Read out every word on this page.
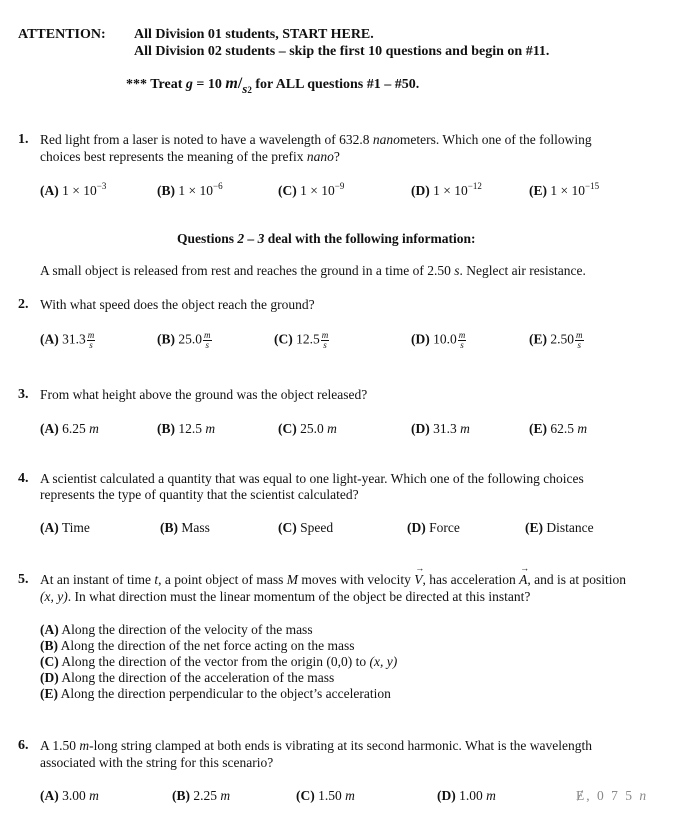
ATTENTION: All Division 01 students, START HERE.
All Division 02 students – skip the first 10 questions and begin on #11.
*** Treat g = 10 $m/s_2$ for ALL questions #1 – #50.
1. Red light from a laser is noted to have a wavelength of 632.8 nanometers. Which one of the following
choices best represents the meaning of the prefix nano?
(A) $1 \times 10^{-3}$	(B) $1 \times 10^{-6}$	(C) $1 \times 10^{-9}$	(D) $1 \times 10^{-12}$	(E) $1 \times 10^{-15}$
Questions 2 – 3 deal with the following information:
A small object is released from rest and reaches the ground in a time of 2.50 s. Neglect air resistance.
2. With what speed does the object reach the ground?
(A) $31.3 \frac{m}{s}$	(B) $25.0 \frac{m}{s}$	(C) $12.5 \frac{m}{s}$	(D) $10.0 \frac{m}{s}$	(E) $2.50 \frac{m}{s}$
3. From what height above the ground was the object released?
(A) 6.25 m	(B) 12.5 m	(C) 25.0 m	(D) 31.3 m	(E) 62.5 m
4. A scientist calculated a quantity that was equal to one light-year. Which one of the following choices
represents the type of quantity that the scientist calculated?
(A) Time	(B) Mass	(C) Speed	(D) Force	(E) Distance
5. At an instant of time t, a point object of mass M moves with velocity
→
V, has acceleration
→
A, and is at position
(x, y). In what direction must the linear momentum of the object be directed at this instant?
(A) Along the direction of the velocity of the mass
(B) Along the direction of the net force acting on the mass
(C) Along the direction of the vector from the origin (0,0) to (x, y)
(D) Along the direction of the acceleration of the mass
(E) Along the direction perpendicular to the object’s acceleration
6. A 1.50 m-long string clamped at both ends is vibrating at its second harmonic. What is the wavelength
associated with the string for this scenario?
(A) 3.00 m	(B) 2.25 m	(C) 1.50 m	(D) 1.00 m	Ɇ, 0 7 5 n
